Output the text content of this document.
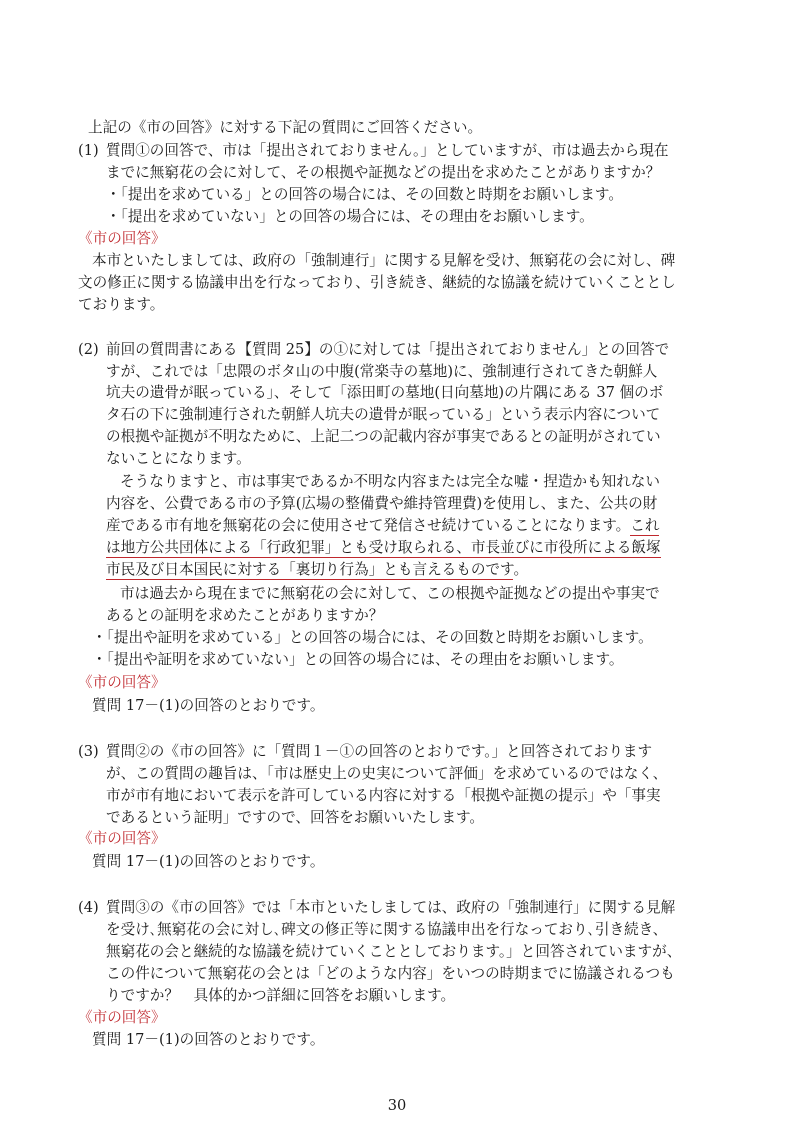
上記の《市の回答》に対する下記の質問にご回答ください。
(1) 質問①の回答で、市は「提出されておりません。」としていますが、市は過去から現在
までに無窮花の会に対して、その根拠や証拠などの提出を求めたことがありますか？
・「提出を求めている」との回答の場合には、その回数と時期をお願いします。
・「提出を求めていない」との回答の場合には、その理由をお願いします。
《市の回答》
本市といたしましては、政府の「強制連行」に関する見解を受け、無窮花の会に対し、碑
文の修正に関する協議申出を行なっており、引き続き、継続的な協議を続けていくこととし
ております。
(2) 前回の質問書にある【質問 25】の①に対しては「提出されておりません」との回答で
すが、これでは「忠隈のボタ山の中腹(常楽寺の墓地)に、強制連行されてきた朝鮮人
坑夫の遺骨が眠っている」、そして「添田町の墓地(日向墓地)の片隅にある 37 個のボ
タ石の下に強制連行された朝鮮人坑夫の遺骨が眠っている」という表示内容について
の根拠や証拠が不明なために、上記二つの記載内容が事実であるとの証明がされてい
ないことになります。
そうなりますと、市は事実であるか不明な内容または完全な嘘・捏造かも知れない
内容を、公費である市の予算(広場の整備費や維持管理費)を使用し、また、公共の財
産である市有地を無窮花の会に使用させて発信させ続けていることになります。これ
は地方公共団体による「行政犯罪」とも受け取られる、市長並びに市役所による飯塚
市民及び日本国民に対する「裏切り行為」とも言えるものです。
市は過去から現在までに無窮花の会に対して、この根拠や証拠などの提出や事実で
あるとの証明を求めたことがありますか？
・「提出や証明を求めている」との回答の場合には、その回数と時期をお願いします。
・「提出や証明を求めていない」との回答の場合には、その理由をお願いします。
《市の回答》
質問 17－(1)の回答のとおりです。
(3) 質問②の《市の回答》に「質問１－①の回答のとおりです。」と回答されております
が、この質問の趣旨は、「市は歴史上の史実について評価」を求めているのではなく、
市が市有地において表示を許可している内容に対する「根拠や証拠の提示」や「事実
であるという証明」ですので、回答をお願いいたします。
《市の回答》
質問 17－(1)の回答のとおりです。
(4) 質問③の《市の回答》では「本市といたしましては、政府の「強制連行」に関する見解
を受け､無窮花の会に対し､碑文の修正等に関する協議申出を行なっており､引き続き、
無窮花の会と継続的な協議を続けていくこととしております。」と回答されていますが、
この件について無窮花の会とは「どのような内容」をいつの時期までに協議されるつも
りですか？　具体的かつ詳細に回答をお願いします。
《市の回答》
質問 17－(1)の回答のとおりです。
30
